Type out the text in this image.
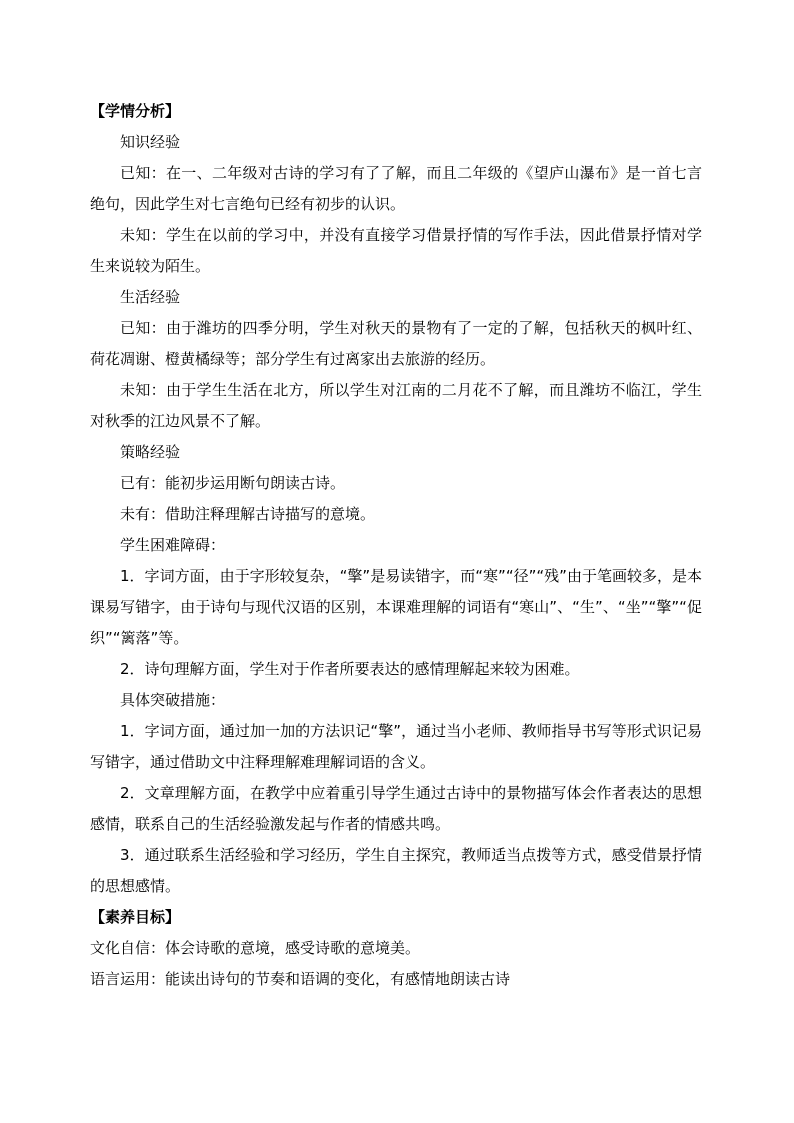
【学情分析】

知识经验

已知：在一、二年级对古诗的学习有了了解，而且二年级的《望庐山瀑布》是一首七言绝句，因此学生对七言绝句已经有初步的认识。

未知：学生在以前的学习中，并没有直接学习借景抒情的写作手法，因此借景抒情对学生来说较为陌生。

生活经验

已知：由于潍坊的四季分明，学生对秋天的景物有了一定的了解，包括秋天的枫叶红、荷花凋谢、橙黄橘绿等；部分学生有过离家出去旅游的经历。

未知：由于学生生活在北方，所以学生对江南的二月花不了解，而且潍坊不临江，学生对秋季的江边风景不了解。

策略经验

已有：能初步运用断句朗读古诗。

未有：借助注释理解古诗描写的意境。

学生困难障碍：

1．字词方面，由于字形较复杂，“擎”是易读错字，而“寒”“径”“残”由于笔画较多，是本课易写错字，由于诗句与现代汉语的区别，本课难理解的词语有“寒山”、“生”、“坐”“擎”“促织”“篱落”等。

2．诗句理解方面，学生对于作者所要表达的感情理解起来较为困难。

具体突破措施：

1．字词方面，通过加一加的方法识记“擎”，通过当小老师、教师指导书写等形式识记易写错字，通过借助文中注释理解难理解词语的含义。

2．文章理解方面，在教学中应着重引导学生通过古诗中的景物描写体会作者表达的思想感情，联系自己的生活经验激发起与作者的情感共鸣。

3．通过联系生活经验和学习经历，学生自主探究，教师适当点拨等方式，感受借景抒情的思想感情。

【素养目标】

文化自信：体会诗歌的意境，感受诗歌的意境美。

语言运用：能读出诗句的节奏和语调的变化，有感情地朗读古诗
